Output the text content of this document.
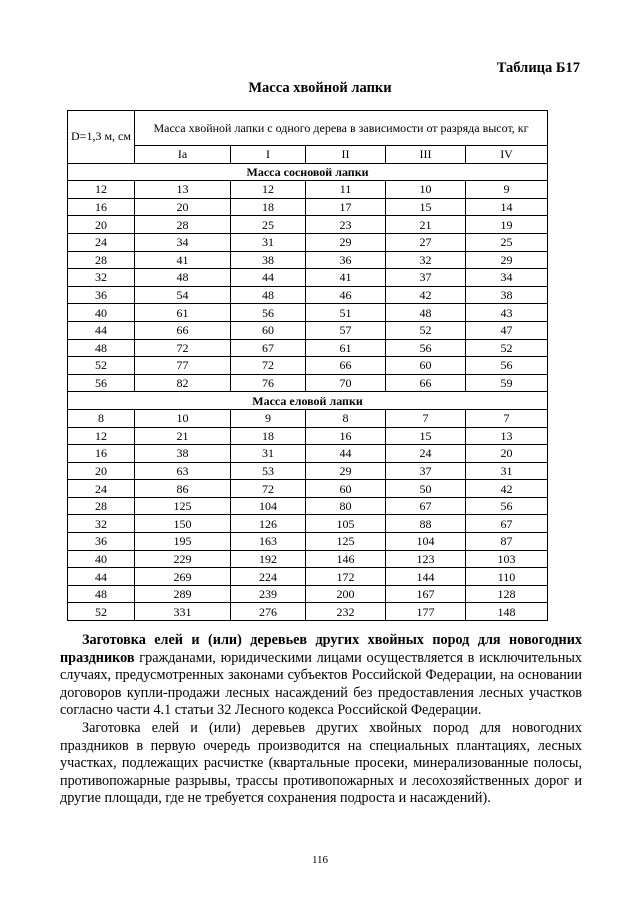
Таблица Б17
Масса хвойной лапки
D=1,3 м, см	Масса хвойной лапки с одного дерева в зависимости от разряда высот, кг				
	Ia	I	II	III	IV
Масса сосновой лапки					
12	13	12	11	10	9
16	20	18	17	15	14
20	28	25	23	21	19
24	34	31	29	27	25
28	41	38	36	32	29
32	48	44	41	37	34
36	54	48	46	42	38
40	61	56	51	48	43
44	66	60	57	52	47
48	72	67	61	56	52
52	77	72	66	60	56
56	82	76	70	66	59
Масса еловой лапки					
8	10	9	8	7	7
12	21	18	16	15	13
16	38	31	44	24	20
20	63	53	29	37	31
24	86	72	60	50	42
28	125	104	80	67	56
32	150	126	105	88	67
36	195	163	125	104	87
40	229	192	146	123	103
44	269	224	172	144	110
48	289	239	200	167	128
52	331	276	232	177	148

Заготовка елей и (или) деревьев других хвойных пород для новогодних праздников гражданами, юридическими лицами осуществляется в исключительных случаях, предусмотренных законами субъектов Российской Федерации, на основании договоров купли-продажи лесных насаждений без предоставления лесных участков согласно части 4.1 статьи 32 Лесного кодекса Российской Федерации.

Заготовка елей и (или) деревьев других хвойных пород для новогодних праздников в первую очередь производится на специальных плантациях, лесных участках, подлежащих расчистке (квартальные просеки, минерализованные полосы, противопожарные разрывы, трассы противопожарных и лесохозяйственных дорог и другие площади, где не требуется сохранения подроста и насаждений).

116
